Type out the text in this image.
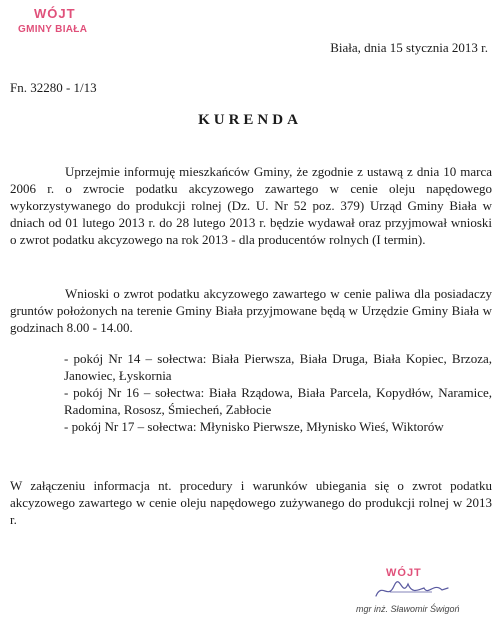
WÓJT
GMINY BIAŁA
Biała, dnia 15 stycznia 2013 r.
Fn. 32280 - 1/13
KURENDA

Uprzejmie informuję mieszkańców Gminy, że zgodnie z ustawą z dnia 10 marca 2006 r. o zwrocie podatku akcyzowego zawartego w cenie oleju napędowego wykorzystywanego do produkcji rolnej (Dz. U. Nr 52 poz. 379) Urząd Gminy Biała w dniach od 01 lutego 2013 r. do 28 lutego 2013 r. będzie wydawał oraz przyjmował wnioski o zwrot podatku akcyzowego na rok 2013 - dla producentów rolnych (I termin).

Wnioski o zwrot podatku akcyzowego zawartego w cenie paliwa dla posiadaczy gruntów położonych na terenie Gminy Biała przyjmowane będą w Urzędzie Gminy Biała w godzinach 8.00 - 14.00.

- pokój Nr 14 – sołectwa: Biała Pierwsza, Biała Druga, Biała Kopiec, Brzoza, Janowiec, Łyskornia
- pokój Nr 16 – sołectwa: Biała Rządowa, Biała Parcela, Kopydłów, Naramice, Radomina, Rososz, Śmiecheń, Zabłocie
- pokój Nr 17 – sołectwa: Młynisko Pierwsze, Młynisko Wieś, Wiktorów

W załączeniu informacja nt. procedury i warunków ubiegania się o zwrot podatku akcyzowego zawartego w cenie oleju napędowego zużywanego do produkcji rolnej w 2013 r.

WÓJT
mgr inż. Sławomir Świgoń
